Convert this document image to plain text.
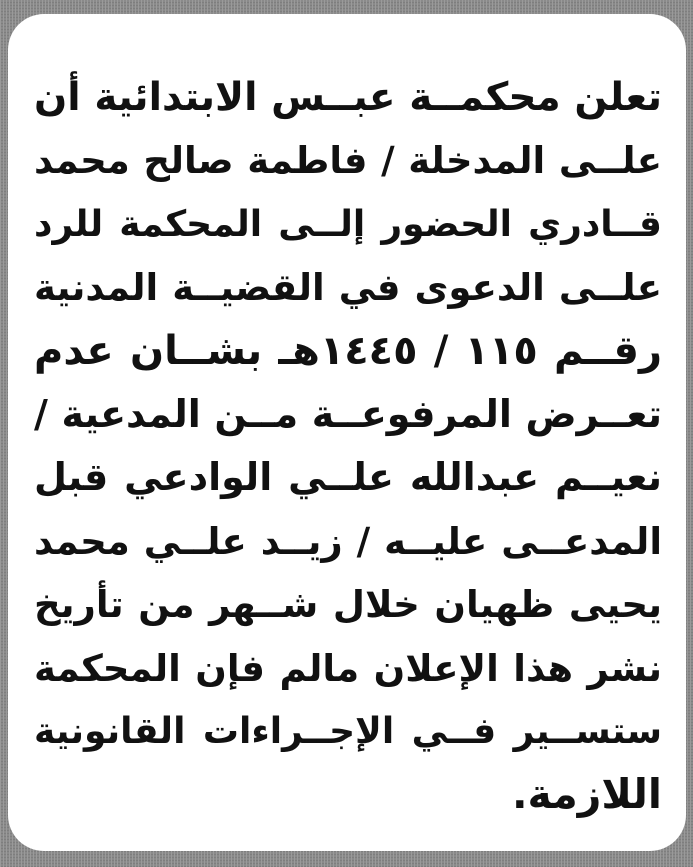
تعلن محكمــة عبــس الابتدائية أن
علــى المدخلة / فاطمة صالح محمد
قــادري الحضور إلــى المحكمة للرد
علــى الدعوى في القضيــة المدنية
رقــم ١١٥ / ١٤٤٥هـ بشــان عدم
تعــرض المرفوعــة مــن المدعية /
نعيــم عبدالله علــي الوادعي قبل
المدعــى عليــه / زيــد علــي محمد
يحيى ظهيان خلال شــهر من تأريخ
نشر هذا الإعلان مالم فإن المحكمة
ستســير فــي الإجــراءات القانونية
اللازمة.
